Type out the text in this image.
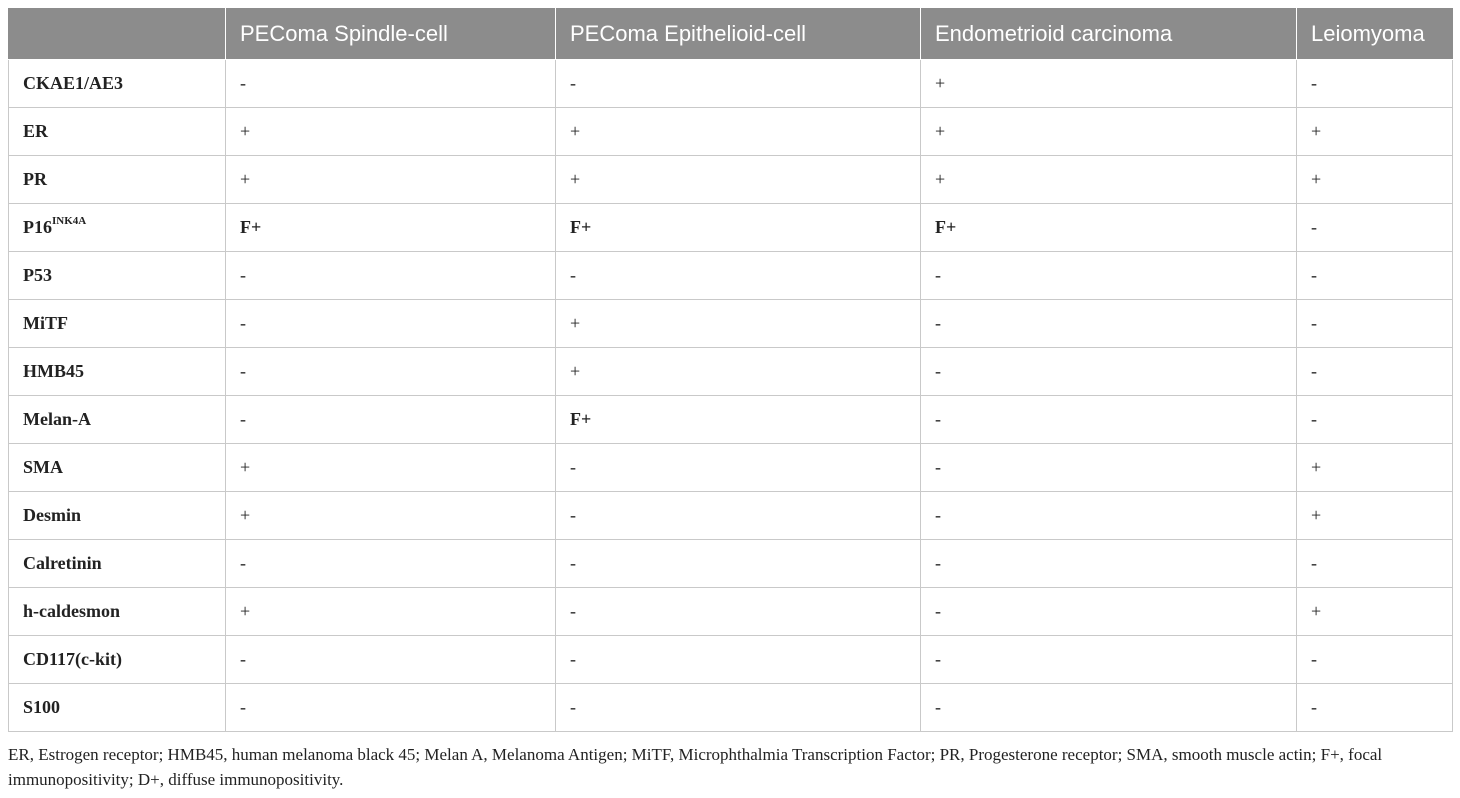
	PEComa Spindle-cell	PEComa Epithelioid-cell	Endometrioid carcinoma	Leiomyoma
CKAE1/AE3	-	-	+	-
ER	+	+	+	+
PR	+	+	+	+
$P16^{INK4A}$	F+	F+	F+	-
P53	-	-	-	-
MiTF	-	+	-	-
HMB45	-	+	-	-
Melan-A	-	F+	-	-
SMA	+	-	-	+
Desmin	+	-	-	+
Calretinin	-	-	-	-
h-caldesmon	+	-	-	+
CD117(c-kit)	-	-	-	-
S100	-	-	-	-
ER, Estrogen receptor; HMB45, human melanoma black 45; Melan A, Melanoma Antigen; MiTF, Microphthalmia Transcription Factor; PR, Progesterone receptor; SMA, smooth muscle actin; F+, focal immunopositivity; D+, diffuse immunopositivity.
